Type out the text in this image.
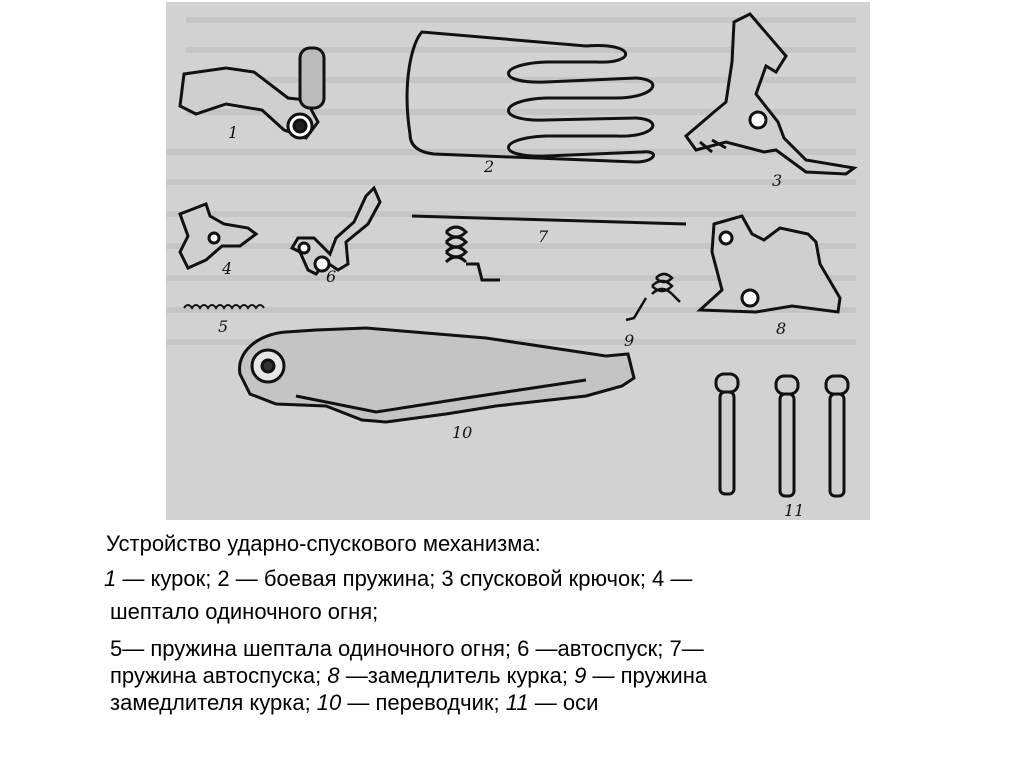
1
2
3
4
5
6
7
8
9
10
11

Устройство ударно-спускового механизма:

1 — курок; 2 — боевая пружина; 3 спусковой крючок; 4 —

шептало одиночного огня;

5— пружина шептала одиночного огня; 6 —автоспуск; 7—

пружина автоспуска; 8 —замедлитель курка; 9 — пружина

замедлителя курка; 10 — переводчик; 11 — оси
